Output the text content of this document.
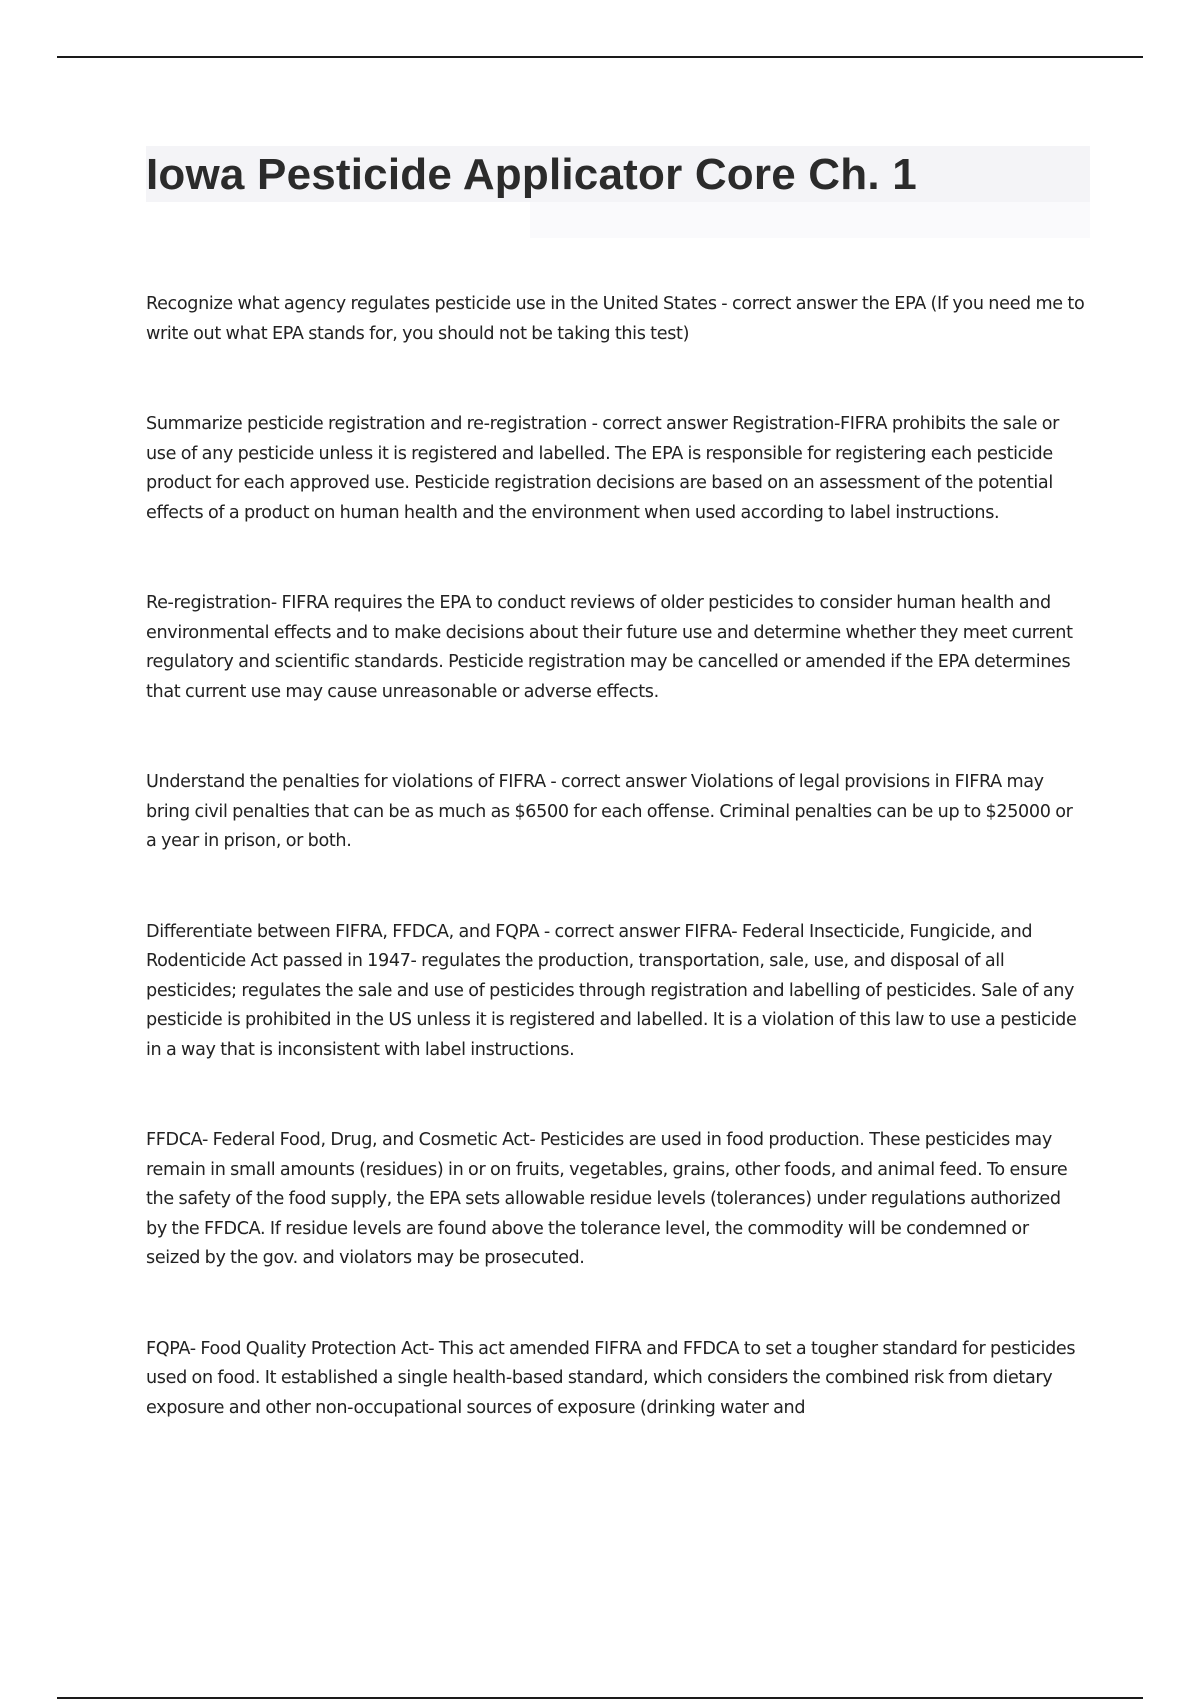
Iowa Pesticide Applicator Core Ch. 1

Recognize what agency regulates pesticide use in the United States - correct answer the EPA (If you need me to write out what EPA stands for, you should not be taking this test)

Summarize pesticide registration and re-registration - correct answer Registration-FIFRA prohibits the sale or use of any pesticide unless it is registered and labelled. The EPA is responsible for registering each pesticide product for each approved use. Pesticide registration decisions are based on an assessment of the potential effects of a product on human health and the environment when used according to label instructions.

Re-registration- FIFRA requires the EPA to conduct reviews of older pesticides to consider human health and environmental effects and to make decisions about their future use and determine whether they meet current regulatory and scientific standards. Pesticide registration may be cancelled or amended if the EPA determines that current use may cause unreasonable or adverse effects.

Understand the penalties for violations of FIFRA - correct answer Violations of legal provisions in FIFRA may bring civil penalties that can be as much as $6500 for each offense. Criminal penalties can be up to $25000 or a year in prison, or both.

Differentiate between FIFRA, FFDCA, and FQPA - correct answer FIFRA- Federal Insecticide, Fungicide, and Rodenticide Act passed in 1947- regulates the production, transportation, sale, use, and disposal of all pesticides; regulates the sale and use of pesticides through registration and labelling of pesticides. Sale of any pesticide is prohibited in the US unless it is registered and labelled. It is a violation of this law to use a pesticide in a way that is inconsistent with label instructions.

FFDCA- Federal Food, Drug, and Cosmetic Act- Pesticides are used in food production. These pesticides may remain in small amounts (residues) in or on fruits, vegetables, grains, other foods, and animal feed. To ensure the safety of the food supply, the EPA sets allowable residue levels (tolerances) under regulations authorized by the FFDCA. If residue levels are found above the tolerance level, the commodity will be condemned or seized by the gov. and violators may be prosecuted.

FQPA- Food Quality Protection Act- This act amended FIFRA and FFDCA to set a tougher standard for pesticides used on food. It established a single health-based standard, which considers the combined risk from dietary exposure and other non-occupational sources of exposure (drinking water and
